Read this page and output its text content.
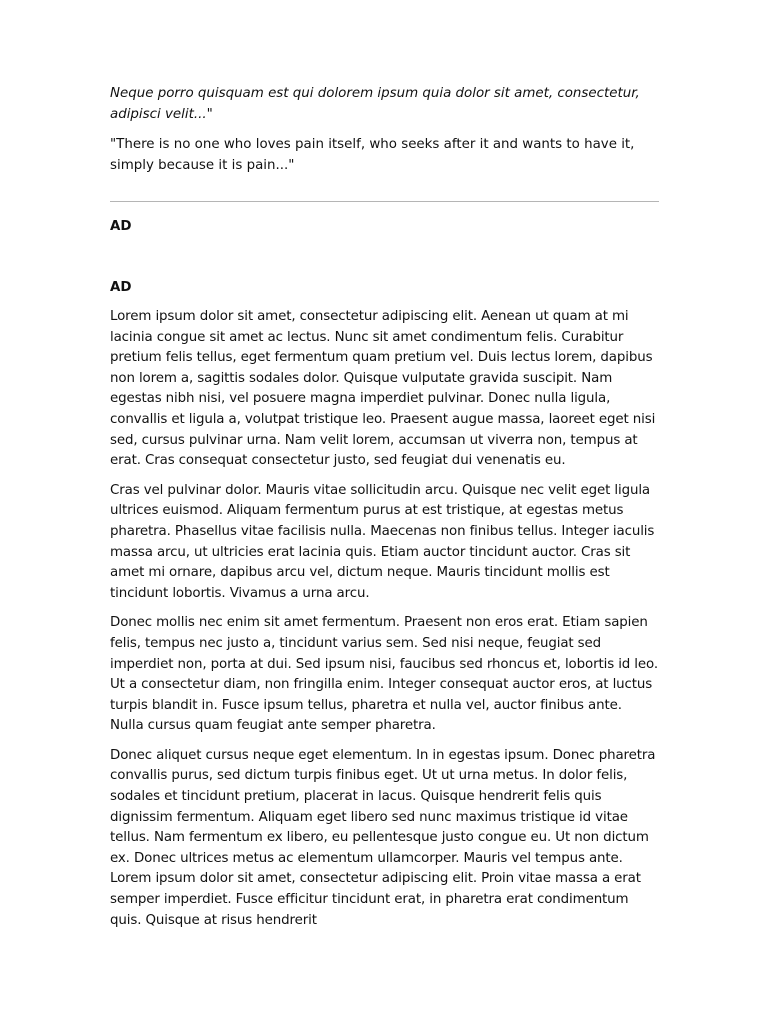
Neque porro quisquam est qui dolorem ipsum quia dolor sit amet, consectetur, adipisci velit..."

"There is no one who loves pain itself, who seeks after it and wants to have it, simply because it is pain..."

AD

AD

Lorem ipsum dolor sit amet, consectetur adipiscing elit. Aenean ut quam at mi lacinia congue sit amet ac lectus. Nunc sit amet condimentum felis. Curabitur pretium felis tellus, eget fermentum quam pretium vel. Duis lectus lorem, dapibus non lorem a, sagittis sodales dolor. Quisque vulputate gravida suscipit. Nam egestas nibh nisi, vel posuere magna imperdiet pulvinar. Donec nulla ligula, convallis et ligula a, volutpat tristique leo. Praesent augue massa, laoreet eget nisi sed, cursus pulvinar urna. Nam velit lorem, accumsan ut viverra non, tempus at erat. Cras consequat consectetur justo, sed feugiat dui venenatis eu.

Cras vel pulvinar dolor. Mauris vitae sollicitudin arcu. Quisque nec velit eget ligula ultrices euismod. Aliquam fermentum purus at est tristique, at egestas metus pharetra. Phasellus vitae facilisis nulla. Maecenas non finibus tellus. Integer iaculis massa arcu, ut ultricies erat lacinia quis. Etiam auctor tincidunt auctor. Cras sit amet mi ornare, dapibus arcu vel, dictum neque. Mauris tincidunt mollis est tincidunt lobortis. Vivamus a urna arcu.

Donec mollis nec enim sit amet fermentum. Praesent non eros erat. Etiam sapien felis, tempus nec justo a, tincidunt varius sem. Sed nisi neque, feugiat sed imperdiet non, porta at dui. Sed ipsum nisi, faucibus sed rhoncus et, lobortis id leo. Ut a consectetur diam, non fringilla enim. Integer consequat auctor eros, at luctus turpis blandit in. Fusce ipsum tellus, pharetra et nulla vel, auctor finibus ante. Nulla cursus quam feugiat ante semper pharetra.

Donec aliquet cursus neque eget elementum. In in egestas ipsum. Donec pharetra convallis purus, sed dictum turpis finibus eget. Ut ut urna metus. In dolor felis, sodales et tincidunt pretium, placerat in lacus. Quisque hendrerit felis quis dignissim fermentum. Aliquam eget libero sed nunc maximus tristique id vitae tellus. Nam fermentum ex libero, eu pellentesque justo congue eu. Ut non dictum ex. Donec ultrices metus ac elementum ullamcorper. Mauris vel tempus ante. Lorem ipsum dolor sit amet, consectetur adipiscing elit. Proin vitae massa a erat semper imperdiet. Fusce efficitur tincidunt erat, in pharetra erat condimentum quis. Quisque at risus hendrerit
